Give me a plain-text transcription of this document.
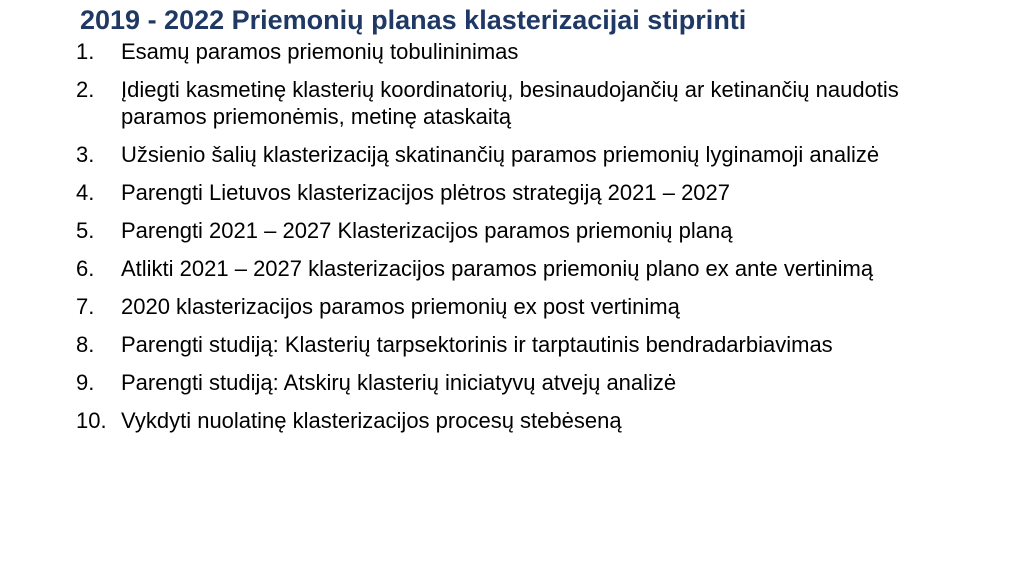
2019 - 2022 Priemonių planas klasterizacijai stiprinti
1.	Esamų paramos priemonių tobulininimas
2.	Įdiegti kasmetinę klasterių koordinatorių, besinaudojančių ar ketinančių naudotis paramos priemonėmis, metinę ataskaitą
3.	Užsienio šalių klasterizaciją skatinančių paramos priemonių lyginamoji analizė
4.	Parengti Lietuvos klasterizacijos plėtros strategiją 2021 – 2027
5.	Parengti 2021 – 2027 Klasterizacijos paramos priemonių planą
6.	Atlikti 2021 – 2027 klasterizacijos paramos priemonių plano ex ante vertinimą
7.	2020 klasterizacijos paramos priemonių ex post vertinimą
8.	Parengti studiją: Klasterių tarpsektorinis ir tarptautinis bendradarbiavimas
9.	Parengti studiją: Atskirų klasterių iniciatyvų atvejų analizė
10. Vykdyti nuolatinę klasterizacijos procesų stebėseną
